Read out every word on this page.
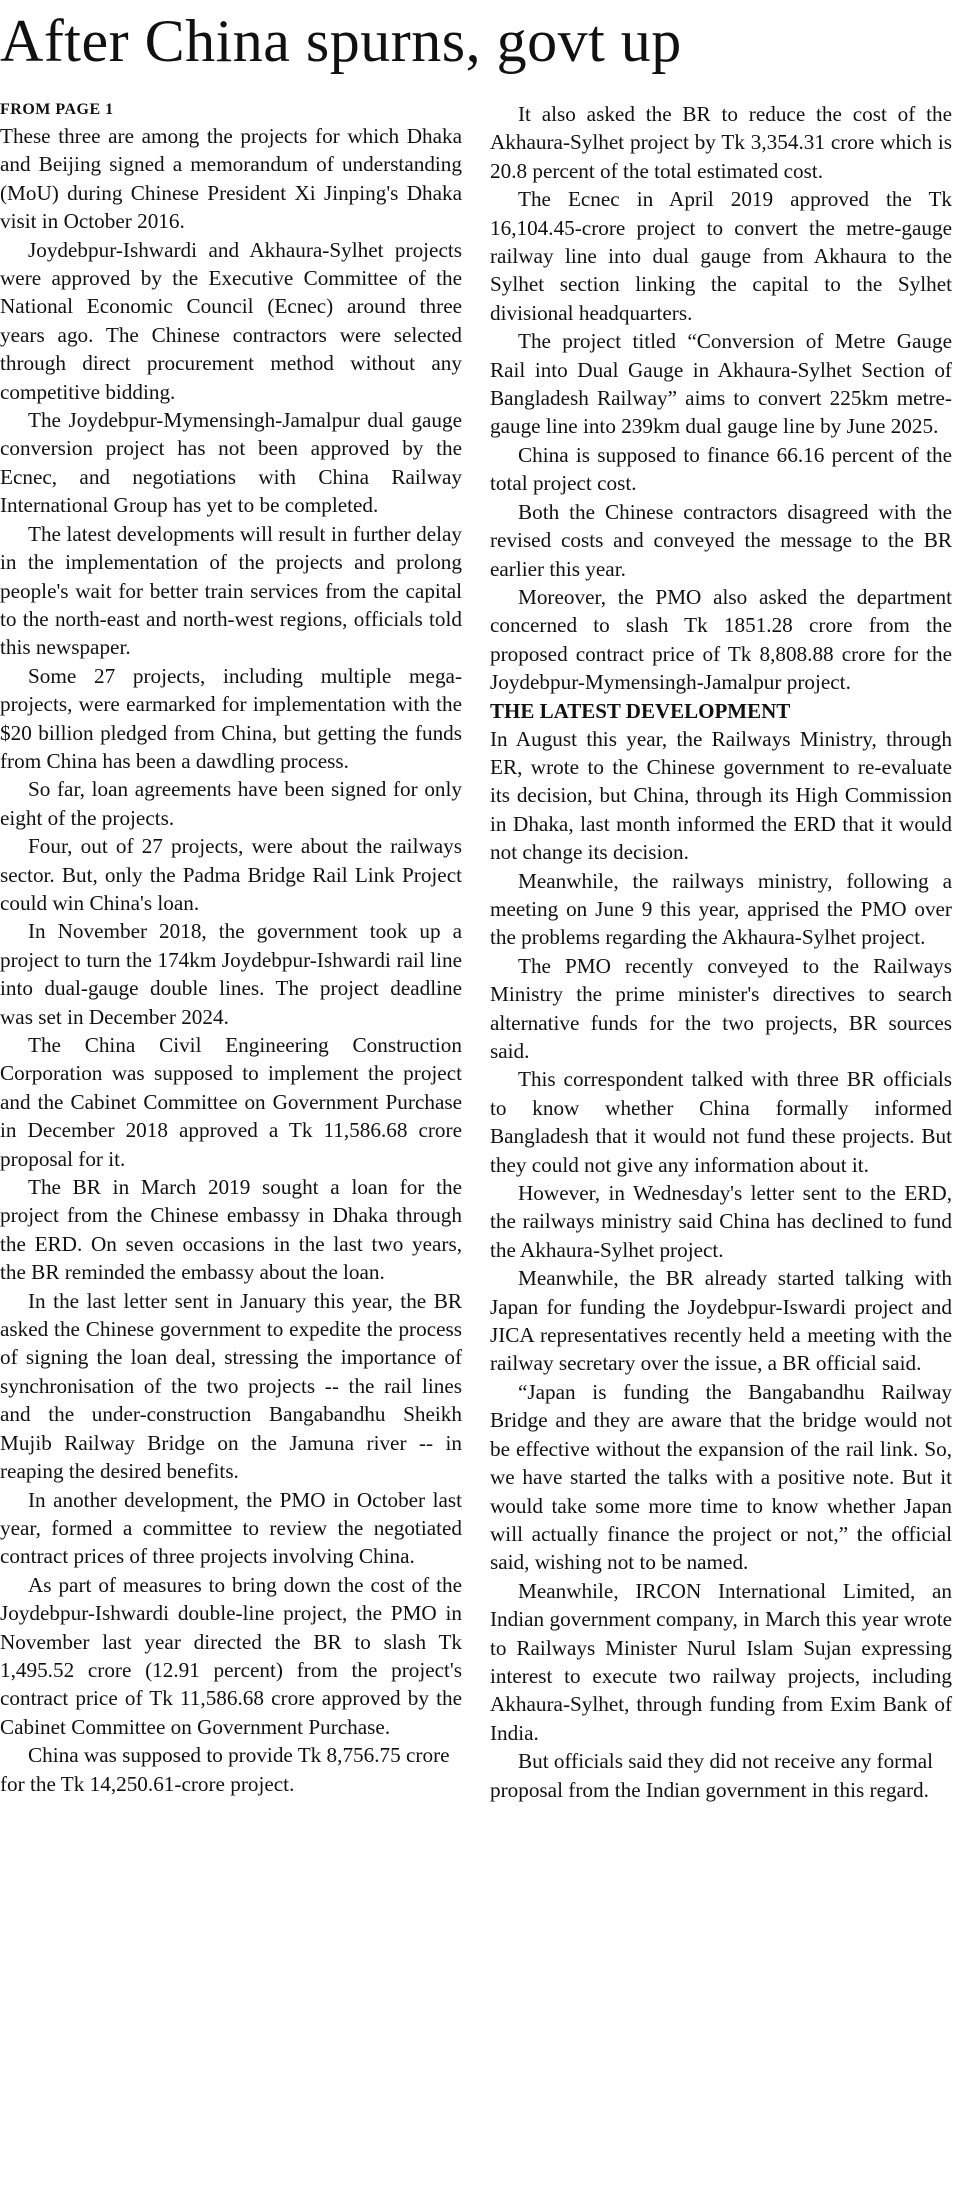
After China spurns, govt up
FROM PAGE 1

These three are among the projects for which Dhaka and Beijing signed a memorandum of understanding (MoU) during Chinese President Xi Jinping's Dhaka visit in October 2016.

Joydebpur-Ishwardi and Akhaura-Sylhet projects were approved by the Executive Committee of the National Economic Council (Ecnec) around three years ago. The Chinese contractors were selected through direct procurement method without any competitive bidding.

The Joydebpur-Mymensingh-Jamalpur dual gauge conversion project has not been approved by the Ecnec, and negotiations with China Railway International Group has yet to be completed.

The latest developments will result in further delay in the implementation of the projects and prolong people's wait for better train services from the capital to the north-east and north-west regions, officials told this newspaper.

Some 27 projects, including multiple mega-projects, were earmarked for implementation with the $20 billion pledged from China, but getting the funds from China has been a dawdling process.

So far, loan agreements have been signed for only eight of the projects.

Four, out of 27 projects, were about the railways sector. But, only the Padma Bridge Rail Link Project could win China's loan.

In November 2018, the government took up a project to turn the 174km Joydebpur-Ishwardi rail line into dual-gauge double lines. The project deadline was set in December 2024.

The China Civil Engineering Construction Corporation was supposed to implement the project and the Cabinet Committee on Government Purchase in December 2018 approved a Tk 11,586.68 crore proposal for it.

The BR in March 2019 sought a loan for the project from the Chinese embassy in Dhaka through the ERD. On seven occasions in the last two years, the BR reminded the embassy about the loan.

In the last letter sent in January this year, the BR asked the Chinese government to expedite the process of signing the loan deal, stressing the importance of synchronisation of the two projects -- the rail lines and the under-construction Bangabandhu Sheikh Mujib Railway Bridge on the Jamuna river -- in reaping the desired benefits.

In another development, the PMO in October last year, formed a committee to review the negotiated contract prices of three projects involving China.

As part of measures to bring down the cost of the Joydebpur-Ishwardi double-line project, the PMO in November last year directed the BR to slash Tk 1,495.52 crore (12.91 percent) from the project's contract price of Tk 11,586.68 crore approved by the Cabinet Committee on Government Purchase.

China was supposed to provide Tk 8,756.75 crore for the Tk 14,250.61-crore project.

It also asked the BR to reduce the cost of the Akhaura-Sylhet project by Tk 3,354.31 crore which is 20.8 percent of the total estimated cost.

The Ecnec in April 2019 approved the Tk 16,104.45-crore project to convert the metre-gauge railway line into dual gauge from Akhaura to the Sylhet section linking the capital to the Sylhet divisional headquarters.

The project titled “Conversion of Metre Gauge Rail into Dual Gauge in Akhaura-Sylhet Section of Bangladesh Railway” aims to convert 225km metre-gauge line into 239km dual gauge line by June 2025.

China is supposed to finance 66.16 percent of the total project cost.

Both the Chinese contractors disagreed with the revised costs and conveyed the message to the BR earlier this year.

Moreover, the PMO also asked the department concerned to slash Tk 1851.28 crore from the proposed contract price of Tk 8,808.88 crore for the Joydebpur-Mymensingh-Jamalpur project.

THE LATEST DEVELOPMENT

In August this year, the Railways Ministry, through ER, wrote to the Chinese government to re-evaluate its decision, but China, through its High Commission in Dhaka, last month informed the ERD that it would not change its decision.

Meanwhile, the railways ministry, following a meeting on June 9 this year, apprised the PMO over the problems regarding the Akhaura-Sylhet project.

The PMO recently conveyed to the Railways Ministry the prime minister's directives to search alternative funds for the two projects, BR sources said.

This correspondent talked with three BR officials to know whether China formally informed Bangladesh that it would not fund these projects. But they could not give any information about it.

However, in Wednesday's letter sent to the ERD, the railways ministry said China has declined to fund the Akhaura-Sylhet project.

Meanwhile, the BR already started talking with Japan for funding the Joydebpur-Iswardi project and JICA representatives recently held a meeting with the railway secretary over the issue, a BR official said.

“Japan is funding the Bangabandhu Railway Bridge and they are aware that the bridge would not be effective without the expansion of the rail link. So, we have started the talks with a positive note. But it would take some more time to know whether Japan will actually finance the project or not,” the official said, wishing not to be named.

Meanwhile, IRCON International Limited, an Indian government company, in March this year wrote to Railways Minister Nurul Islam Sujan expressing interest to execute two railway projects, including Akhaura-Sylhet, through funding from Exim Bank of India.

But officials said they did not receive any formal proposal from the Indian government in this regard.
